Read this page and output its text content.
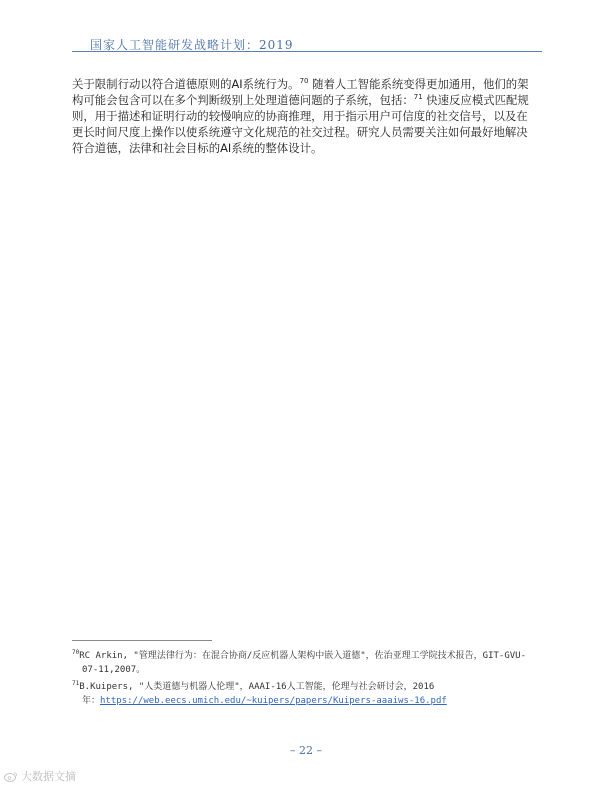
国家人工智能研发战略计划：2019
关于限制行动以符合道德原则的AI系统行为。$^{70}$ 随着人工智能系统变得更加通用，他们的架
构可能会包含可以在多个判断级别上处理道德问题的子系统，包括：$^{71}$ 快速反应模式匹配规
则，用于描述和证明行动的较慢响应的协商推理，用于指示用户可信度的社交信号，以及在
更长时间尺度上操作以使系统遵守文化规范的社交过程。研究人员需要关注如何最好地解决
符合道德，法律和社会目标的AI系统的整体设计。
$^{70}$RC Arkin, "管理法律行为：在混合协商/反应机器人架构中嵌入道德"，佐治亚理工学院技术报告，GIT-GVU-
07-11,2007。
$^{71}$B.Kuipers, "人类道德与机器人伦理"，AAAI-16人工智能，伦理与社会研讨会，2016
年：https://web.eecs.umich.edu/~kuipers/papers/Kuipers-aaaiws-16.pdf
– 22 –
大数据文摘
